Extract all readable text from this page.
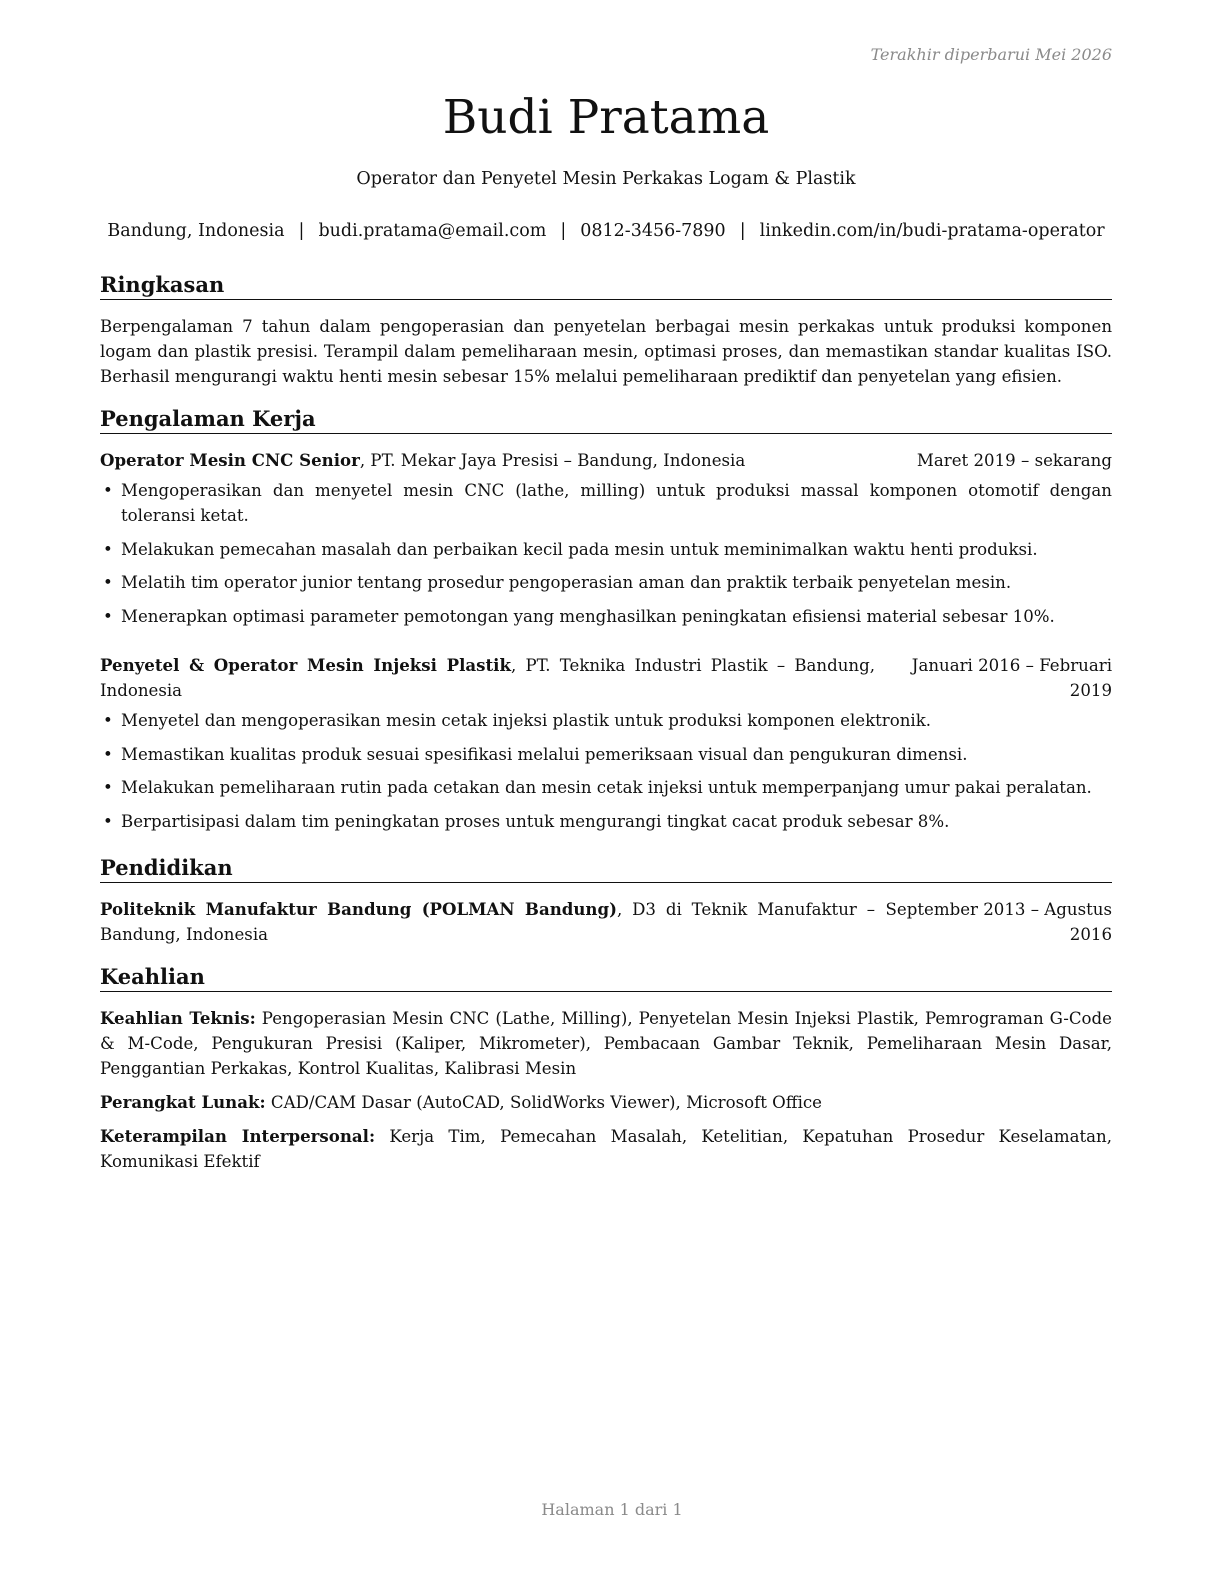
Terakhir diperbarui Mei 2026
Budi Pratama
Operator dan Penyetel Mesin Perkakas Logam & Plastik
Bandung, Indonesia | budi.pratama@email.com | 0812-3456-7890 | linkedin.com/in/budi-pratama-operator
Ringkasan
Berpengalaman 7 tahun dalam pengoperasian dan penyetelan berbagai mesin perkakas untuk produksi komponen logam dan plastik presisi. Terampil dalam pemeliharaan mesin, optimasi proses, dan memastikan standar kualitas ISO. Berhasil mengurangi waktu henti mesin sebesar 15% melalui pemeliharaan prediktif dan penyetelan yang efisien.
Pengalaman Kerja
Operator Mesin CNC Senior, PT. Mekar Jaya Presisi – Bandung, Indonesia	Maret 2019 – sekarang
• Mengoperasikan dan menyetel mesin CNC (lathe, milling) untuk produksi massal komponen otomotif dengan toleransi ketat.
• Melakukan pemecahan masalah dan perbaikan kecil pada mesin untuk meminimalkan waktu henti produksi.
• Melatih tim operator junior tentang prosedur pengoperasian aman dan praktik terbaik penyetelan mesin.
• Menerapkan optimasi parameter pemotongan yang menghasilkan peningkatan efisiensi material sebesar 10%.
Penyetel & Operator Mesin Injeksi Plastik, PT. Teknika Industri Plastik – Bandung, Indonesia
Januari 2016 – Februari 2019
• Menyetel dan mengoperasikan mesin cetak injeksi plastik untuk produksi komponen elektronik.
• Memastikan kualitas produk sesuai spesifikasi melalui pemeriksaan visual dan pengukuran dimensi.
• Melakukan pemeliharaan rutin pada cetakan dan mesin cetak injeksi untuk memperpanjang umur pakai peralatan.
• Berpartisipasi dalam tim peningkatan proses untuk mengurangi tingkat cacat produk sebesar 8%.
Pendidikan
Politeknik Manufaktur Bandung (POLMAN Bandung), D3 di Teknik Manufaktur – Bandung, Indonesia
September 2013 – Agustus 2016
Keahlian
Keahlian Teknis: Pengoperasian Mesin CNC (Lathe, Milling), Penyetelan Mesin Injeksi Plastik, Pemrograman G-Code & M-Code, Pengukuran Presisi (Kaliper, Mikrometer), Pembacaan Gambar Teknik, Pemeliharaan Mesin Dasar, Penggantian Perkakas, Kontrol Kualitas, Kalibrasi Mesin
Perangkat Lunak: CAD/CAM Dasar (AutoCAD, SolidWorks Viewer), Microsoft Office
Keterampilan Interpersonal: Kerja Tim, Pemecahan Masalah, Ketelitian, Kepatuhan Prosedur Keselamatan, Komunikasi Efektif
Halaman 1 dari 1
